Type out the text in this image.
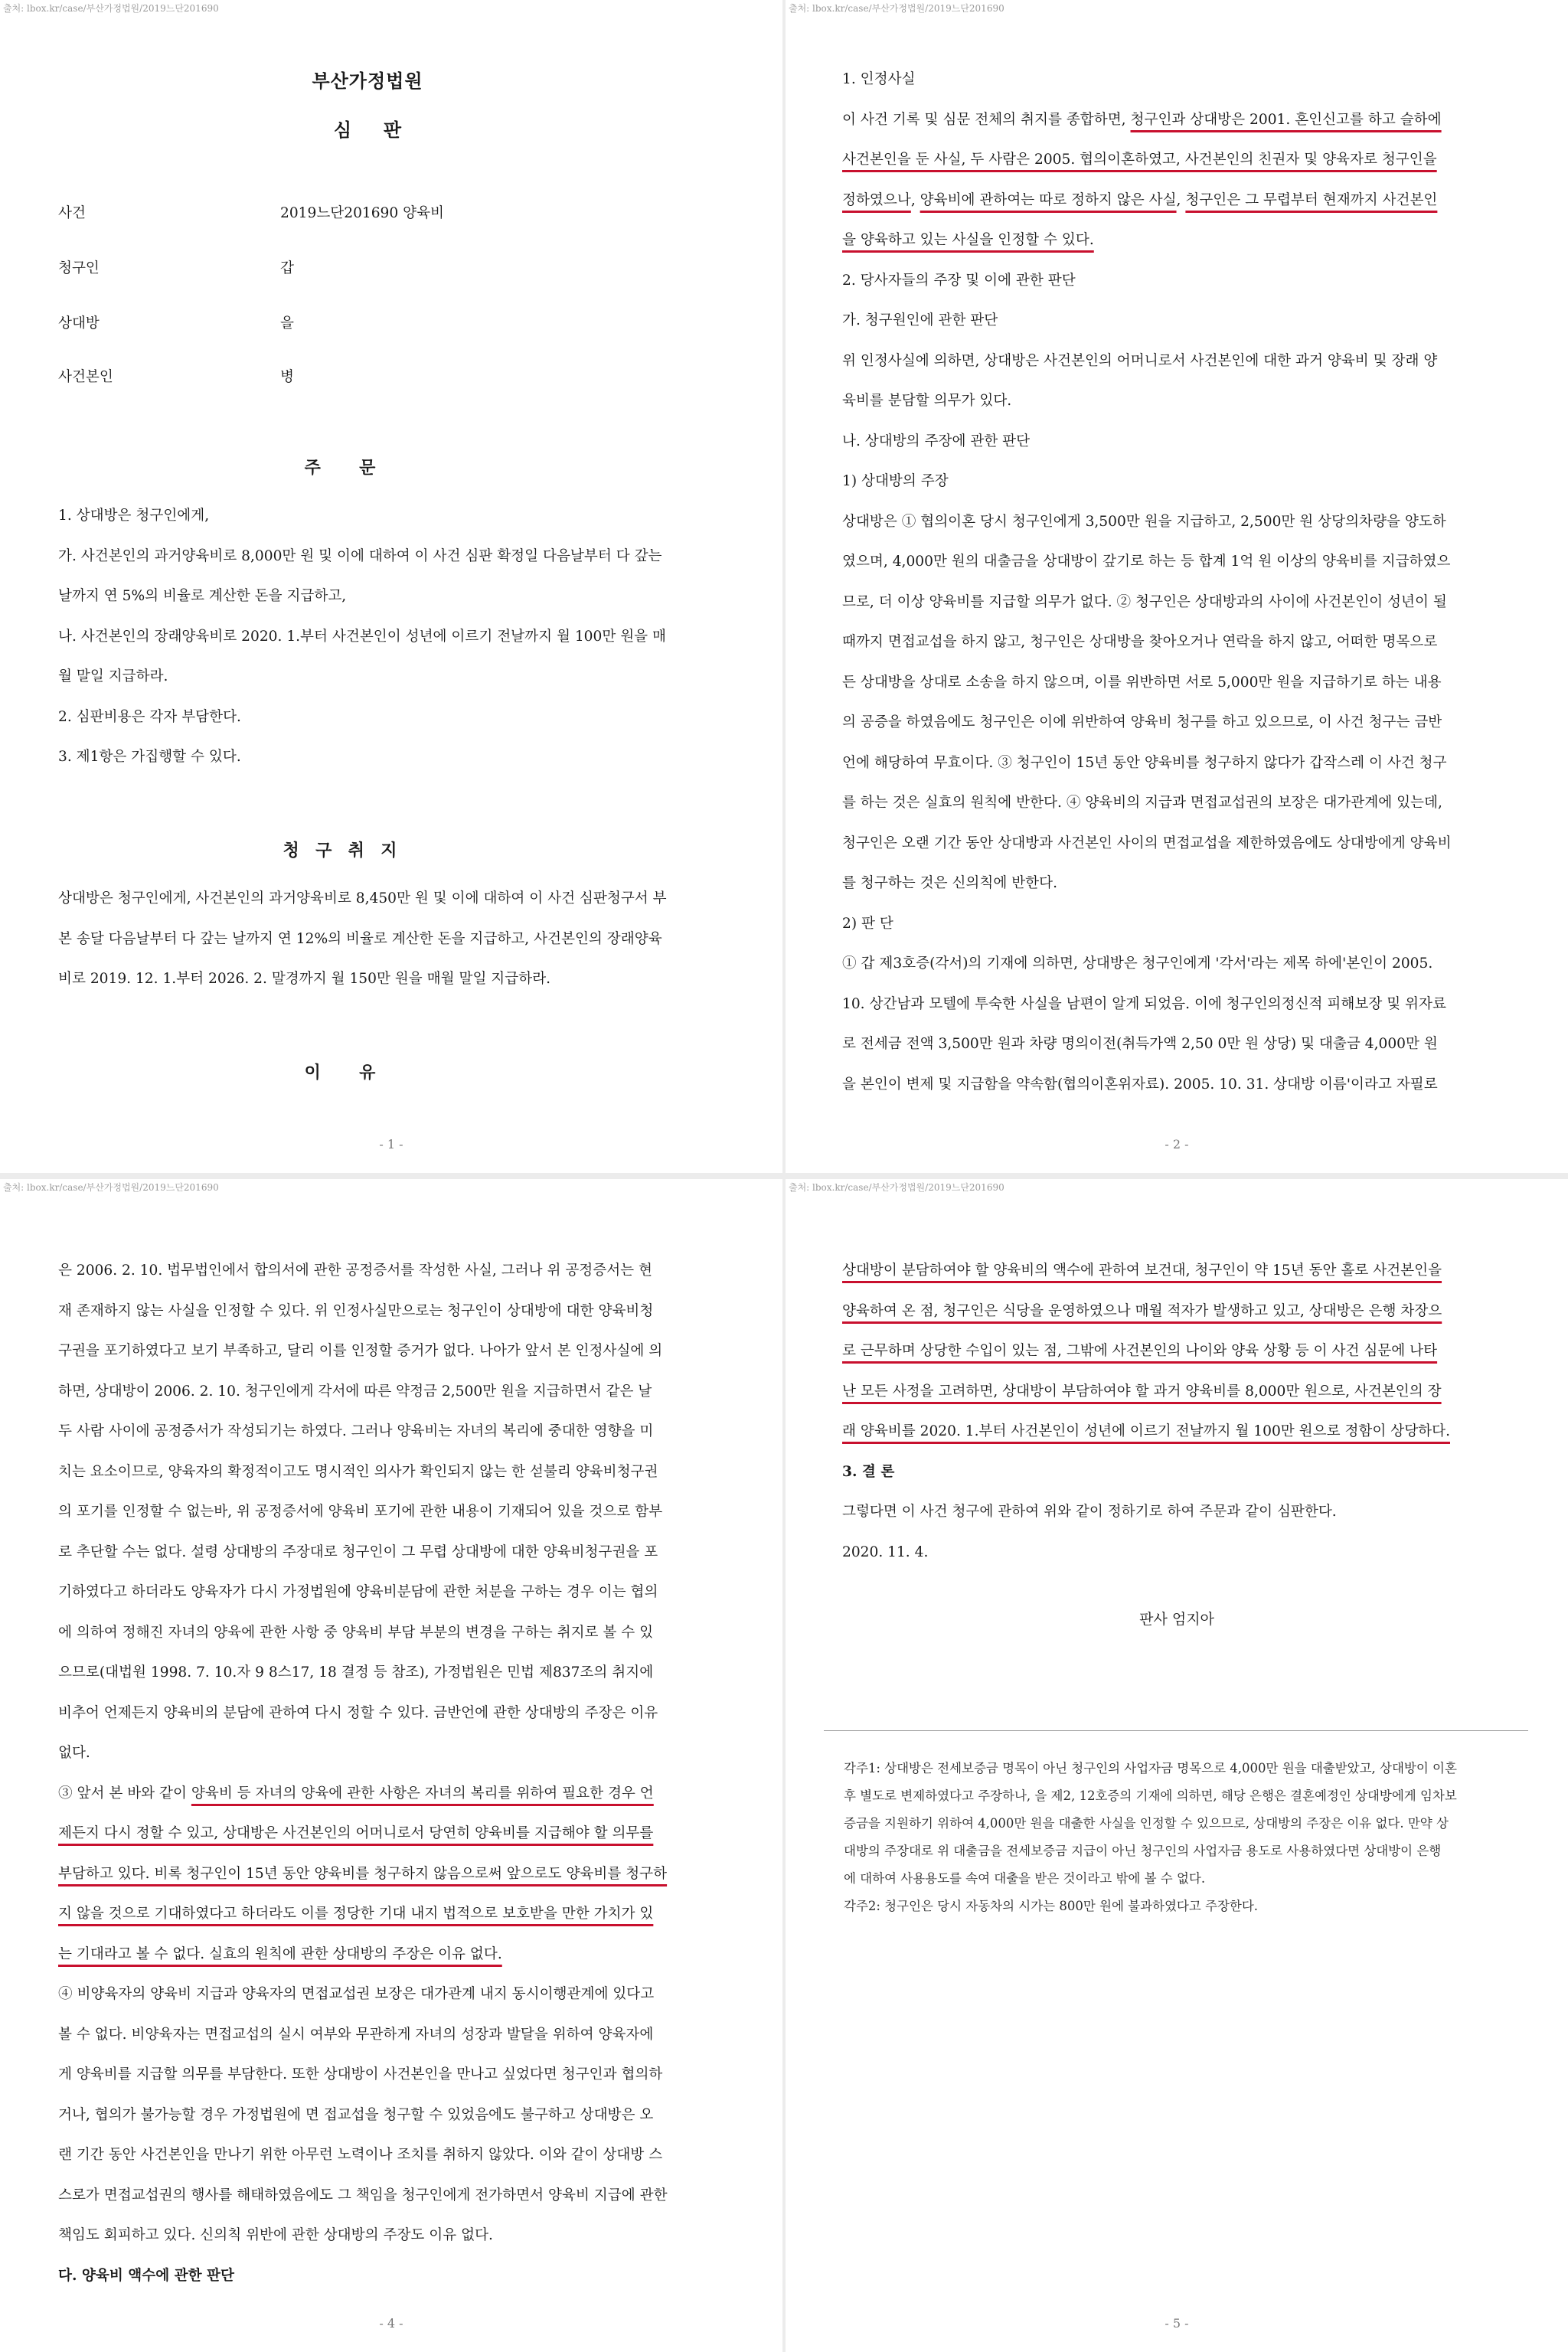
출처: lbox.kr/case/부산가정법원/2019느단201690
부산가정법원
심     판
사건	2019느단201690 양육비
청구인	갑
상대방	을
사건본인	병
주     문
1. 상대방은 청구인에게,
가. 사건본인의 과거양육비로 8,000만 원 및 이에 대하여 이 사건 심판 확정일 다음날부터 다 갚는
날까지 연 5%의 비율로 계산한 돈을 지급하고,
나. 사건본인의 장래양육비로 2020. 1.부터 사건본인이 성년에 이르기 전날까지 월 100만 원을 매
월 말일 지급하라.
2. 심판비용은 각자 부담한다.
3. 제1항은 가집행할 수 있다.
청  구  취  지
상대방은 청구인에게, 사건본인의 과거양육비로 8,450만 원 및 이에 대하여 이 사건 심판청구서 부
본 송달 다음날부터 다 갚는 날까지 연 12%의 비율로 계산한 돈을 지급하고, 사건본인의 장래양육
비로 2019. 12. 1.부터 2026. 2. 말경까지 월 150만 원을 매월 말일 지급하라.
이     유
- 1 -
출처: lbox.kr/case/부산가정법원/2019느단201690
1. 인정사실
이 사건 기록 및 심문 전체의 취지를 종합하면, 청구인과 상대방은 2001. 혼인신고를 하고 슬하에
사건본인을 둔 사실, 두 사람은 2005. 협의이혼하였고, 사건본인의 친권자 및 양육자로 청구인을
정하였으나, 양육비에 관하여는 따로 정하지 않은 사실, 청구인은 그 무렵부터 현재까지 사건본인
을 양육하고 있는 사실을 인정할 수 있다.
2. 당사자들의 주장 및 이에 관한 판단
가. 청구원인에 관한 판단
위 인정사실에 의하면, 상대방은 사건본인의 어머니로서 사건본인에 대한 과거 양육비 및 장래 양
육비를 분담할 의무가 있다.
나. 상대방의 주장에 관한 판단
1) 상대방의 주장
상대방은 ① 협의이혼 당시 청구인에게 3,500만 원을 지급하고, 2,500만 원 상당의차량을 양도하
였으며, 4,000만 원의 대출금을 상대방이 갚기로 하는 등 합계 1억 원 이상의 양육비를 지급하였으
므로, 더 이상 양육비를 지급할 의무가 없다. ② 청구인은 상대방과의 사이에 사건본인이 성년이 될
때까지 면접교섭을 하지 않고, 청구인은 상대방을 찾아오거나 연락을 하지 않고, 어떠한 명목으로
든 상대방을 상대로 소송을 하지 않으며, 이를 위반하면 서로 5,000만 원을 지급하기로 하는 내용
의 공증을 하였음에도 청구인은 이에 위반하여 양육비 청구를 하고 있으므로, 이 사건 청구는 금반
언에 해당하여 무효이다. ③ 청구인이 15년 동안 양육비를 청구하지 않다가 갑작스레 이 사건 청구
를 하는 것은 실효의 원칙에 반한다. ④ 양육비의 지급과 면접교섭권의 보장은 대가관계에 있는데,
청구인은 오랜 기간 동안 상대방과 사건본인 사이의 면접교섭을 제한하였음에도 상대방에게 양육비
를 청구하는 것은 신의칙에 반한다.
2) 판 단
① 갑 제3호증(각서)의 기재에 의하면, 상대방은 청구인에게 '각서'라는 제목 하에'본인이 2005.
10. 상간남과 모텔에 투숙한 사실을 남편이 알게 되었음. 이에 청구인의정신적 피해보장 및 위자료
로 전세금 전액 3,500만 원과 차량 명의이전(취득가액 2,50 0만 원 상당) 및 대출금 4,000만 원
을 본인이 변제 및 지급함을 약속함(협의이혼위자료). 2005. 10. 31. 상대방 이름'이라고 자필로
- 2 -
출처: lbox.kr/case/부산가정법원/2019느단201690
은 2006. 2. 10. 법무법인에서 합의서에 관한 공정증서를 작성한 사실, 그러나 위 공정증서는 현
재 존재하지 않는 사실을 인정할 수 있다. 위 인정사실만으로는 청구인이 상대방에 대한 양육비청
구권을 포기하였다고 보기 부족하고, 달리 이를 인정할 증거가 없다. 나아가 앞서 본 인정사실에 의
하면, 상대방이 2006. 2. 10. 청구인에게 각서에 따른 약정금 2,500만 원을 지급하면서 같은 날
두 사람 사이에 공정증서가 작성되기는 하였다. 그러나 양육비는 자녀의 복리에 중대한 영향을 미
치는 요소이므로, 양육자의 확정적이고도 명시적인 의사가 확인되지 않는 한 섣불리 양육비청구권
의 포기를 인정할 수 없는바, 위 공정증서에 양육비 포기에 관한 내용이 기재되어 있을 것으로 함부
로 추단할 수는 없다. 설령 상대방의 주장대로 청구인이 그 무렵 상대방에 대한 양육비청구권을 포
기하였다고 하더라도 양육자가 다시 가정법원에 양육비분담에 관한 처분을 구하는 경우 이는 협의
에 의하여 정해진 자녀의 양육에 관한 사항 중 양육비 부담 부분의 변경을 구하는 취지로 볼 수 있
으므로(대법원 1998. 7. 10.자 9 8스17, 18 결정 등 참조), 가정법원은 민법 제837조의 취지에
비추어 언제든지 양육비의 분담에 관하여 다시 정할 수 있다. 금반언에 관한 상대방의 주장은 이유
없다.
③ 앞서 본 바와 같이 양육비 등 자녀의 양육에 관한 사항은 자녀의 복리를 위하여 필요한 경우 언
제든지 다시 정할 수 있고, 상대방은 사건본인의 어머니로서 당연히 양육비를 지급해야 할 의무를
부담하고 있다. 비록 청구인이 15년 동안 양육비를 청구하지 않음으로써 앞으로도 양육비를 청구하
지 않을 것으로 기대하였다고 하더라도 이를 정당한 기대 내지 법적으로 보호받을 만한 가치가 있
는 기대라고 볼 수 없다. 실효의 원칙에 관한 상대방의 주장은 이유 없다.
④ 비양육자의 양육비 지급과 양육자의 면접교섭권 보장은 대가관계 내지 동시이행관계에 있다고
볼 수 없다. 비양육자는 면접교섭의 실시 여부와 무관하게 자녀의 성장과 발달을 위하여 양육자에
게 양육비를 지급할 의무를 부담한다. 또한 상대방이 사건본인을 만나고 싶었다면 청구인과 협의하
거나, 협의가 불가능할 경우 가정법원에 면 접교섭을 청구할 수 있었음에도 불구하고 상대방은 오
랜 기간 동안 사건본인을 만나기 위한 아무런 노력이나 조치를 취하지 않았다. 이와 같이 상대방 스
스로가 면접교섭권의 행사를 해태하였음에도 그 책임을 청구인에게 전가하면서 양육비 지급에 관한
책임도 회피하고 있다. 신의칙 위반에 관한 상대방의 주장도 이유 없다.
다. 양육비 액수에 관한 판단
- 4 -
출처: lbox.kr/case/부산가정법원/2019느단201690
상대방이 분담하여야 할 양육비의 액수에 관하여 보건대, 청구인이 약 15년 동안 홀로 사건본인을
양육하여 온 점, 청구인은 식당을 운영하였으나 매월 적자가 발생하고 있고, 상대방은 은행 차장으
로 근무하며 상당한 수입이 있는 점, 그밖에 사건본인의 나이와 양육 상황 등 이 사건 심문에 나타
난 모든 사정을 고려하면, 상대방이 부담하여야 할 과거 양육비를 8,000만 원으로, 사건본인의 장
래 양육비를 2020. 1.부터 사건본인이 성년에 이르기 전날까지 월 100만 원으로 정함이 상당하다.
3. 결 론
그렇다면 이 사건 청구에 관하여 위와 같이 정하기로 하여 주문과 같이 심판한다.
2020. 11. 4.
판사 엄지아
각주1: 상대방은 전세보증금 명목이 아닌 청구인의 사업자금 명목으로 4,000만 원을 대출받았고, 상대방이 이혼
후 별도로 변제하였다고 주장하나, 을 제2, 12호증의 기재에 의하면, 해당 은행은 결혼예정인 상대방에게 임차보
증금을 지원하기 위하여 4,000만 원을 대출한 사실을 인정할 수 있으므로, 상대방의 주장은 이유 없다. 만약 상
대방의 주장대로 위 대출금을 전세보증금 지급이 아닌 청구인의 사업자금 용도로 사용하였다면 상대방이 은행
에 대하여 사용용도를 속여 대출을 받은 것이라고 밖에 볼 수 없다.
각주2: 청구인은 당시 자동차의 시가는 800만 원에 불과하였다고 주장한다.
- 5 -
